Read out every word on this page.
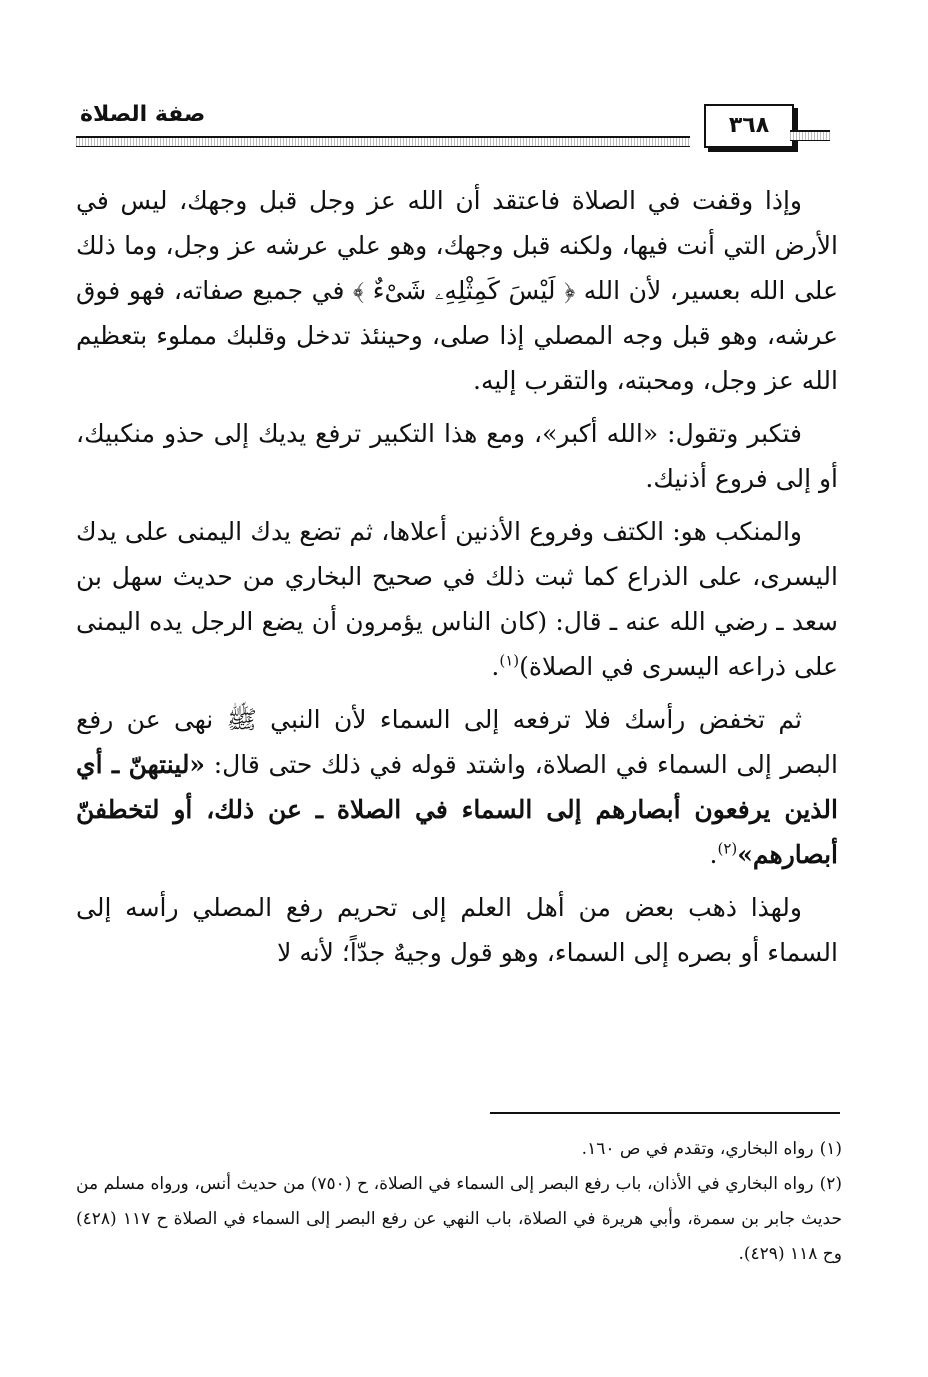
صفة الصلاة	٣٦٨

وإذا وقفت في الصلاة فاعتقد أن الله عز وجل قبل وجهك، ليس في الأرض التي أنت فيها، ولكنه قبل وجهك، وهو علي عرشه عز وجل، وما ذلك على الله بعسير، لأن الله ﴿ لَيْسَ كَمِثْلِهِۦ شَىْءٌ ﴾ في جميع صفاته، فهو فوق عرشه، وهو قبل وجه المصلي إذا صلى، وحينئذ تدخل وقلبك مملوء بتعظيم الله عز وجل، ومحبته، والتقرب إليه.

فتكبر وتقول: «الله أكبر»، ومع هذا التكبير ترفع يديك إلى حذو منكبيك، أو إلى فروع أذنيك.

والمنكب هو: الكتف وفروع الأذنين أعلاها، ثم تضع يدك اليمنى على يدك اليسرى، على الذراع كما ثبت ذلك في صحيح البخاري من حديث سهل بن سعد ـ رضي الله عنه ـ قال: (كان الناس يؤمرون أن يضع الرجل يده اليمنى على ذراعه اليسرى في الصلاة)$^{(١)}$.

ثم تخفض رأسك فلا ترفعه إلى السماء لأن النبي ﷺ نهى عن رفع البصر إلى السماء في الصلاة، واشتد قوله في ذلك حتى قال: «لينتهنّ ـ أي الذين يرفعون أبصارهم إلى السماء في الصلاة ـ عن ذلك، أو لتخطفنّ أبصارهم»$^{(٢)}$.

ولهذا ذهب بعض من أهل العلم إلى تحريم رفع المصلي رأسه إلى السماء أو بصره إلى السماء، وهو قول وجيهٌ جدّاً؛ لأنه لا

(١)رواه البخاري، وتقدم في ص ١٦٠.

(٢)رواه البخاري في الأذان، باب رفع البصر إلى السماء في الصلاة، ح (٧٥٠) من حديث أنس، ورواه مسلم من حديث جابر بن سمرة، وأبي هريرة في الصلاة، باب النهي عن رفع البصر إلى السماء في الصلاة ح ١١٧ (٤٢٨) وح ١١٨ (٤٢٩).
